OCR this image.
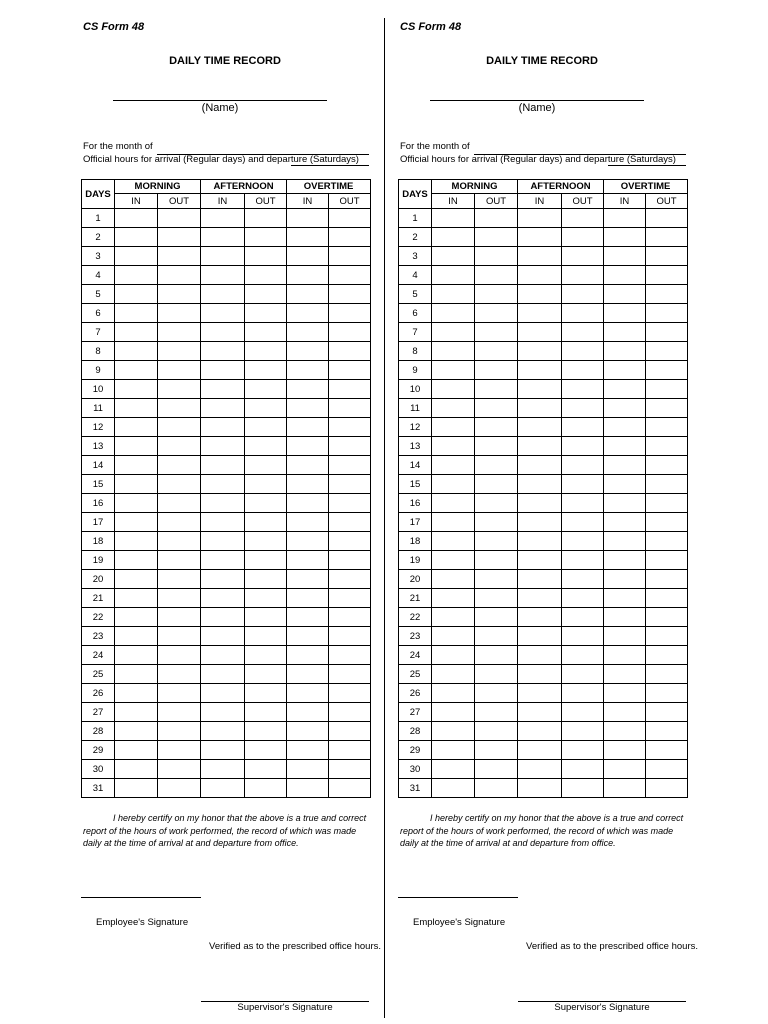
CS Form 48
DAILY TIME RECORD
(Name)
For the month of
Official hours for arrival (Regular days) and departure (Saturdays)
DAYS	MORNING		AFTERNOON		OVERTIME	
	IN	OUT	IN	OUT	IN	OUT
1						
2						
3						
4						
5						
6						
7						
8						
9						
10						
11						
12						
13						
14						
15						
16						
17						
18						
19						
20						
21						
22						
23						
24						
25						
26						
27						
28						
29						
30						
31						
I hereby certify on my honor that the above is a true and correct report of the hours of work performed, the record of which was made daily at the time of arrival at and departure from office.
Employee's Signature
Verified as to the prescribed office hours.
Supervisor's Signature
CS Form 48
DAILY TIME RECORD
(Name)
For the month of
Official hours for arrival (Regular days) and departure (Saturdays)
DAYS	MORNING		AFTERNOON		OVERTIME	
	IN	OUT	IN	OUT	IN	OUT
1						
2						
3						
4						
5						
6						
7						
8						
9						
10						
11						
12						
13						
14						
15						
16						
17						
18						
19						
20						
21						
22						
23						
24						
25						
26						
27						
28						
29						
30						
31						
I hereby certify on my honor that the above is a true and correct report of the hours of work performed, the record of which was made daily at the time of arrival at and departure from office.
Employee's Signature
Verified as to the prescribed office hours.
Supervisor's Signature
